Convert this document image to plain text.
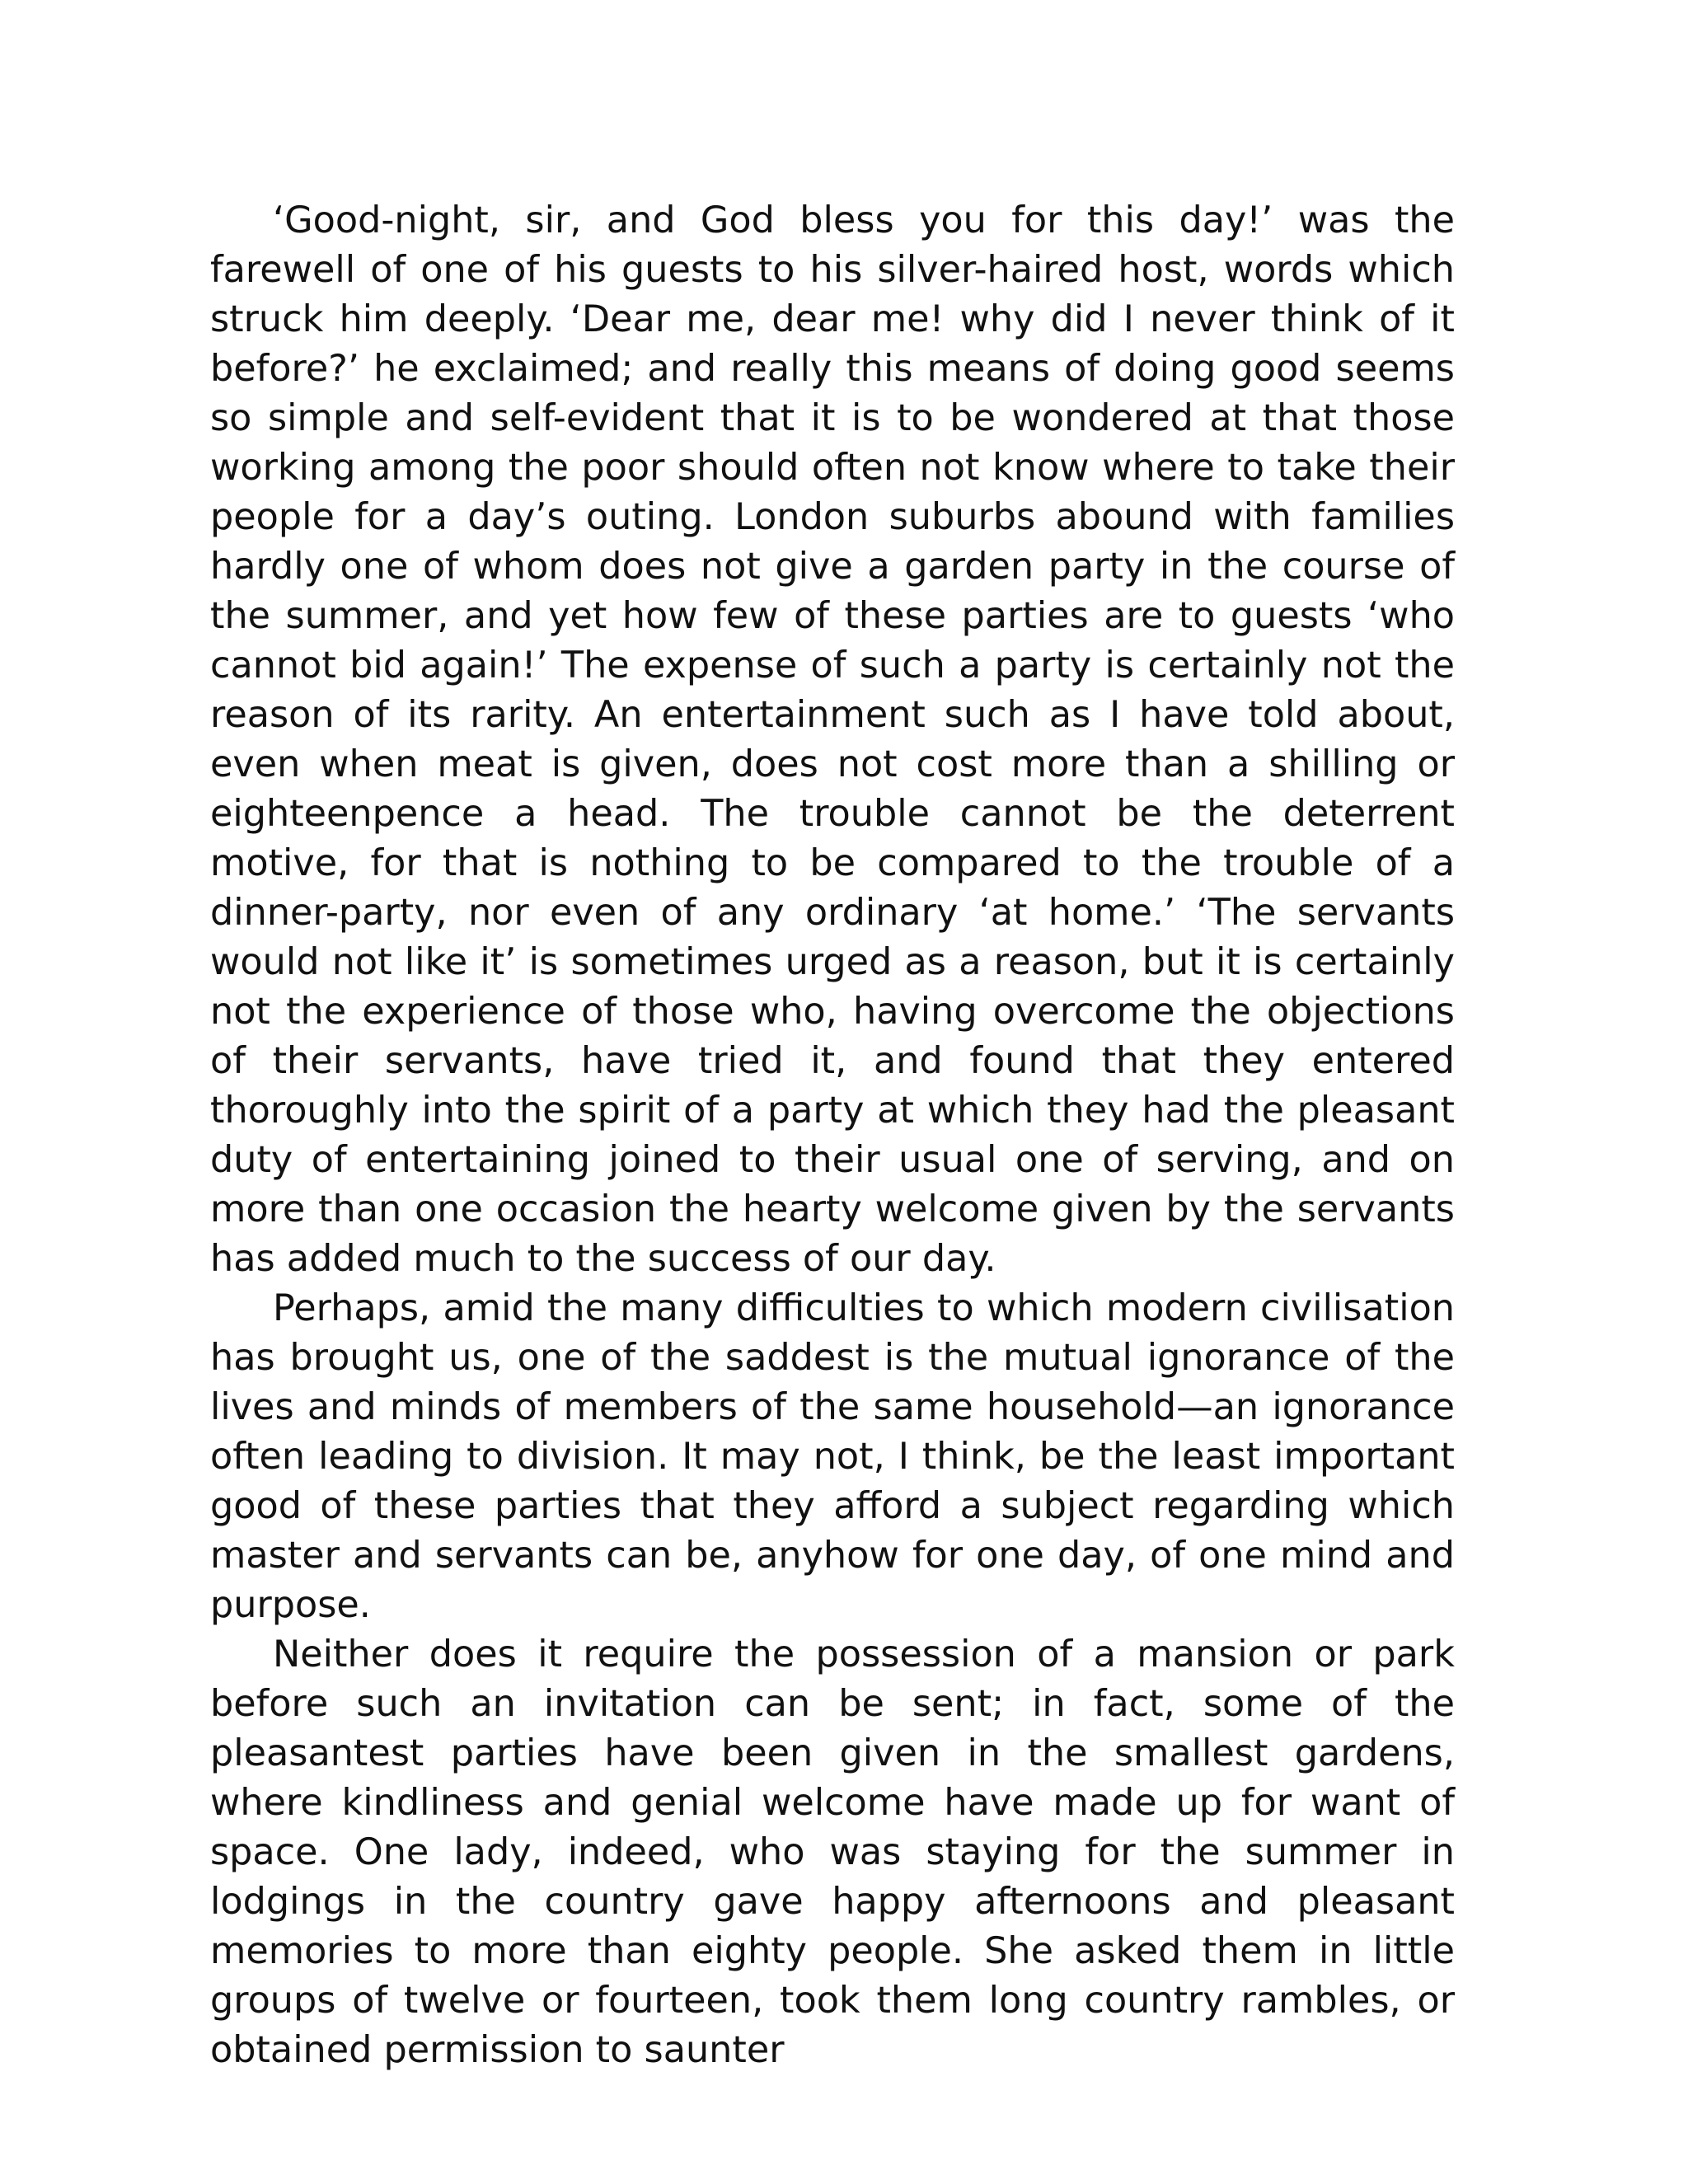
‘Good-night, sir, and God bless you for this day!’ was the farewell of one of his guests to his silver-haired host, words which struck him deeply. ‘Dear me, dear me! why did I never think of it before?’ he exclaimed; and really this means of doing good seems so simple and self-evident that it is to be wondered at that those working among the poor should often not know where to take their people for a day’s outing. London suburbs abound with families hardly one of whom does not give a garden party in the course of the summer, and yet how few of these parties are to guests ‘who cannot bid again!’ The expense of such a party is certainly not the reason of its rarity. An entertainment such as I have told about, even when meat is given, does not cost more than a shilling or eighteenpence a head. The trouble cannot be the deterrent motive, for that is nothing to be compared to the trouble of a dinner-party, nor even of any ordinary ‘at home.’ ‘The servants would not like it’ is sometimes urged as a reason, but it is certainly not the experience of those who, having overcome the objections of their servants, have tried it, and found that they entered thoroughly into the spirit of a party at which they had the pleasant duty of entertaining joined to their usual one of serving, and on more than one occasion the hearty welcome given by the servants has added much to the success of our day.

Perhaps, amid the many difficulties to which modern civilisation has brought us, one of the saddest is the mutual ignorance of the lives and minds of members of the same household—an ignorance often leading to division. It may not, I think, be the least important good of these parties that they afford a subject regarding which master and servants can be, anyhow for one day, of one mind and purpose.

Neither does it require the possession of a mansion or park before such an invitation can be sent; in fact, some of the pleasantest parties have been given in the smallest gardens, where kindliness and genial welcome have made up for want of space. One lady, indeed, who was staying for the summer in lodgings in the country gave happy afternoons and pleasant memories to more than eighty people. She asked them in little groups of twelve or fourteen, took them long country rambles, or obtained permission to saunter
